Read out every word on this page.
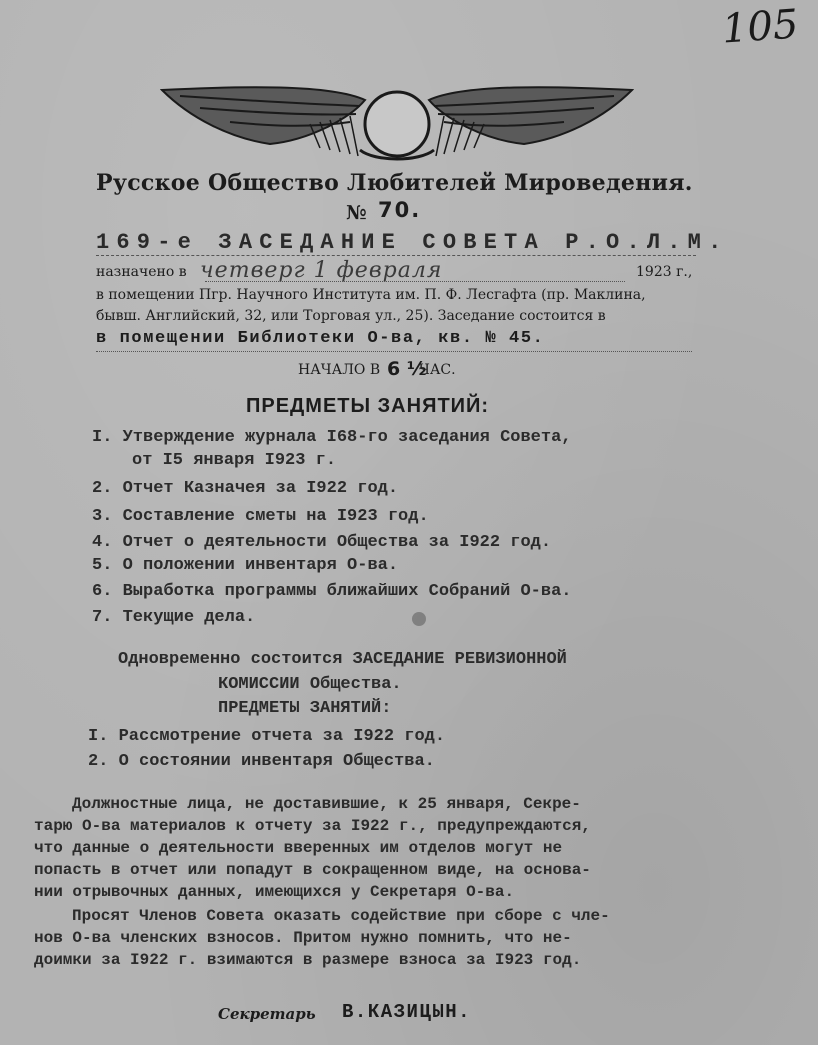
105
Русское Общество Любителей Мироведения.
№ 70.
169-е ЗАСЕДАНИЕ СОВЕТА Р.О.Л.М.
назначено в четверг 1 февраля	1923 г.,
в помещении Пгр. Научного Института им. П. Ф. Лесгафта (пр. Маклина,
бывш. Английский, 32, или Торговая ул., 25). Заседание состоится в
в помещении Библиотеки О-ва, кв. № 45.
НАЧАЛО В 6 ½
ЧАС.
ПРЕДМЕТЫ ЗАНЯТИЙ:
I. Утверждение журнала I68-го заседания Совета,
от I5 января I923 г.
2. Отчет Казначея за I922 год.
3. Составление сметы на I923 год.
4. Отчет о деятельности Общества за I922 год.
5. О положении инвентаря О-ва.
6. Выработка программы ближайших Собраний О-ва.
7. Текущие дела.
Одновременно состоится ЗАСЕДАНИЕ РЕВИЗИОННОЙ
КОМИССИИ Общества.
ПРЕДМЕТЫ ЗАНЯТИЙ:
I. Рассмотрение отчета за I922 год.
2. О состоянии инвентаря Общества.
Должностные лица, не доставившие, к 25 января, Секре-
тарю О-ва материалов к отчету за I922 г., предупреждаются,
что данные о деятельности вверенных им отделов могут не
попасть в отчет или попадут в сокращенном виде, на основа-
нии отрывочных данных, имеющихся у Секретаря О-ва.
Просят Членов Совета оказать содействие при сборе с чле-
нов О-ва членских взносов. Притом нужно помнить, что не-
доимки за I922 г. взимаются в размере взноса за I923 год.
Секретарь В.КАЗИЦЫН.
